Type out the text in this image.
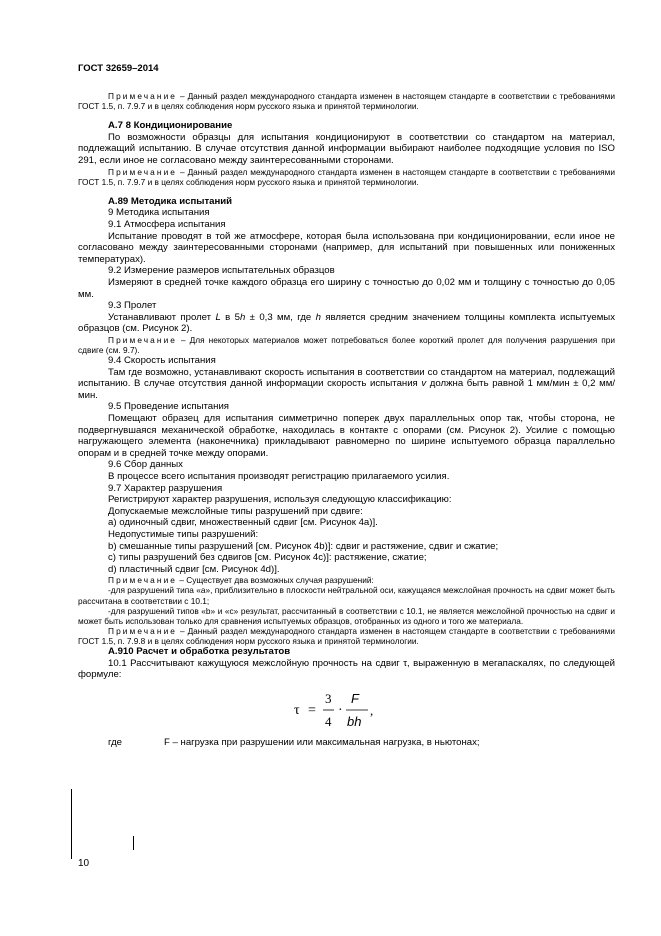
ГОСТ 32659–2014

Примечание – Данный раздел международного стандарта изменен в настоящем стандарте в соответствии с требованиями ГОСТ 1.5, п. 7.9.7 и в целях соблюдения норм русского языка и принятой терминологии.

А.7 8 Кондиционирование

По возможности образцы для испытания кондиционируют в соответствии со стандартом на материал, подлежащий испытанию. В случае отсутствия данной информации выбирают наиболее подходящие условия по ISO 291, если иное не согласовано между заинтересованными сторонами.

Примечание – Данный раздел международного стандарта изменен в настоящем стандарте в соответствии с требованиями ГОСТ 1.5, п. 7.9.7 и в целях соблюдения норм русского языка и принятой терминологии.

А.89 Методика испытаний

9 Методика испытания

9.1 Атмосфера испытания

Испытание проводят в той же атмосфере, которая была использована при кондиционировании, если иное не согласовано между заинтересованными сторонами (например, для испытаний при повышенных или пониженных температурах).

9.2 Измерение размеров испытательных образцов

Измеряют в средней точке каждого образца его ширину с точностью до 0,02 мм и толщину с точностью до 0,05 мм.

9.3 Пролет

Устанавливают пролет L в 5h ± 0,3 мм, где h является средним значением толщины комплекта испытуемых образцов (см. Рисунок 2).

Примечание – Для некоторых материалов может потребоваться более короткий пролет для получения разрушения при сдвиге (см. 9.7).

9.4 Скорость испытания

Там где возможно, устанавливают скорость испытания в соответствии со стандартом на материал, подлежащий испытанию. В случае отсутствия данной информации скорость испытания v должна быть равной 1 мм/мин ± 0,2 мм/мин.

9.5 Проведение испытания

Помещают образец для испытания симметрично поперек двух параллельных опор так, чтобы сторона, не подвергнувшаяся механической обработке, находилась в контакте с опорами (см. Рисунок 2). Усилие с помощью нагружающего элемента (наконечника) прикладывают равномерно по ширине испытуемого образца параллельно опорам и в средней точке между опорами.

9.6 Сбор данных

В процессе всего испытания производят регистрацию прилагаемого усилия.

9.7 Характер разрушения

Регистрируют характер разрушения, используя следующую классификацию:

Допускаемые межслойные типы разрушений при сдвиге:

а) одиночный сдвиг, множественный сдвиг [см. Рисунок 4а)].

Недопустимые типы разрушений:

b) смешанные типы разрушений [см. Рисунок 4b)]: сдвиг и растяжение, сдвиг и сжатие;

c) типы разрушений без сдвигов [см. Рисунок 4c)]: растяжение, сжатие;

d) пластичный сдвиг [см. Рисунок 4d)].

Примечание – Существует два возможных случая разрушений:

-для разрушений типа «а», приблизительно в плоскости нейтральной оси, кажущаяся межслойная прочность на сдвиг может быть рассчитана в соответствии с 10.1;

-для разрушений типов «b» и «c» результат, рассчитанный в соответствии с 10.1, не является межслойной прочностью на сдвиг и может быть использован только для сравнения испытуемых образцов, отобранных из одного и того же материала.

Примечание – Данный раздел международного стандарта изменен в настоящем стандарте в соответствии с требованиями ГОСТ 1.5, п. 7.9.8 и в целях соблюдения норм русского языка и принятой терминологии.

А.910 Расчет и обработка результатов

10.1 Рассчитывают кажущуюся межслойную прочность на сдвиг τ, выраженную в мегапаскалях, по следующей формуле:

τ =
3
4
·
F
bh
,
где	F – нагрузка при разрушении или максимальная нагрузка, в ньютонах;
10
